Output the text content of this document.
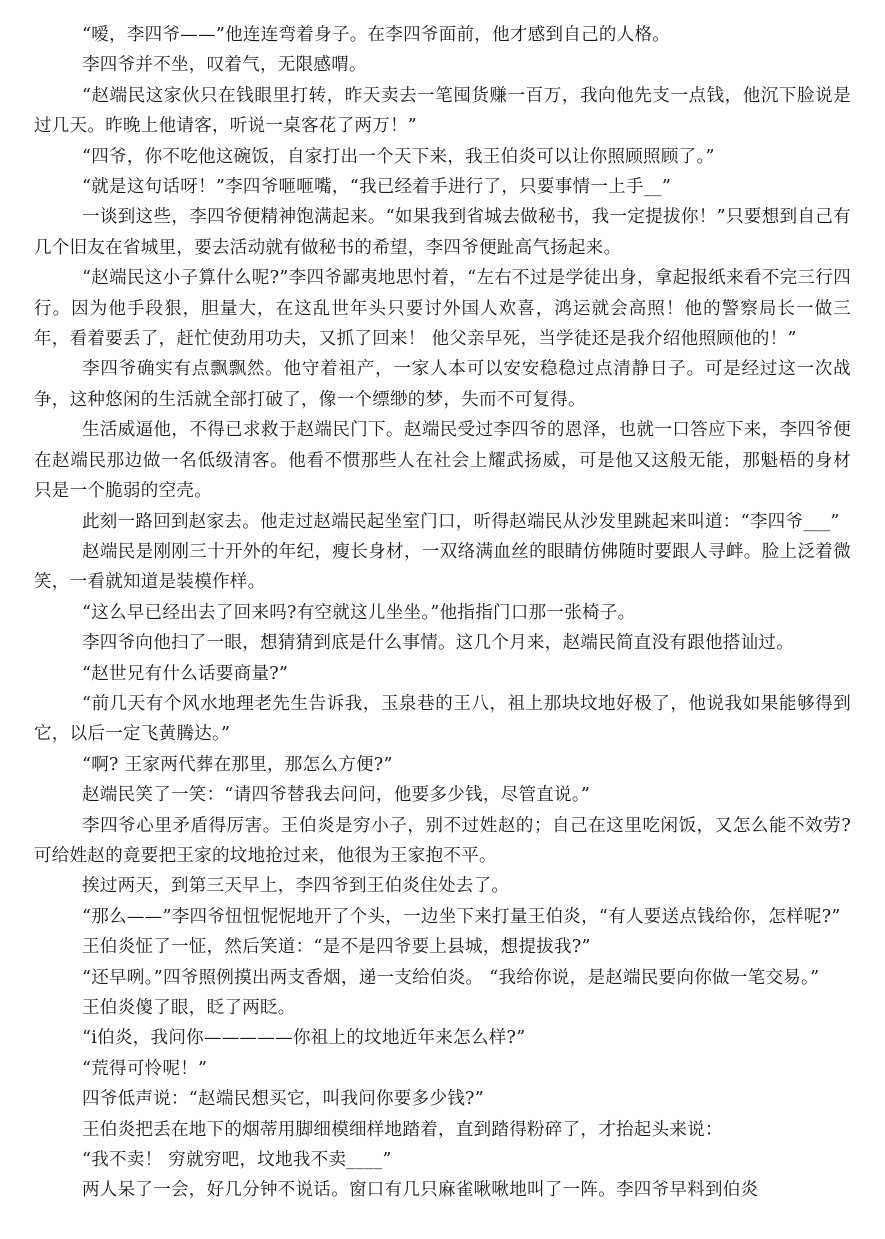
“嗳，李四爷——”他连连弯着身子。在李四爷面前，他才感到自己的人格。

李四爷并不坐，叹着气，无限感喟。

“赵端民这家伙只在钱眼里打转，昨天卖去一笔囤货赚一百万，我向他先支一点钱，他沉下脸说是过几天。昨晚上他请客，听说一桌客花了两万！”

“四爷，你不吃他这碗饭，自家打出一个天下来，我王伯炎可以让你照顾照顾了。”

“就是这句话呀！”李四爷咂咂嘴，“我已经着手进行了，只要事情一上手__”

一谈到这些，李四爷便精神饱满起来。“如果我到省城去做秘书，我一定提拔你！”只要想到自己有几个旧友在省城里，要去活动就有做秘书的希望，李四爷便趾高气扬起来。

“赵端民这小子算什么呢?”李四爷鄙夷地思忖着，“左右不过是学徒出身，拿起报纸来看不完三行四行。因为他手段狠，胆量大，在这乱世年头只要讨外国人欢喜，鸿运就会高照！他的警察局长一做三年，看着要丢了，赶忙使劲用功夫，又抓了回来！ 他父亲早死，当学徒还是我介绍他照顾他的！”

李四爷确实有点飘飘然。他守着祖产，一家人本可以安安稳稳过点清静日子。可是经过这一次战争，这种悠闲的生活就全部打破了，像一个缥缈的梦，失而不可复得。

生活威逼他，不得已求救于赵端民门下。赵端民受过李四爷的恩泽，也就一口答应下来，李四爷便在赵端民那边做一名低级清客。他看不惯那些人在社会上耀武扬威，可是他又这般无能，那魁梧的身材只是一个脆弱的空壳。

此刻一路回到赵家去。他走过赵端民起坐室门口，听得赵端民从沙发里跳起来叫道：“李四爷___”

赵端民是刚刚三十开外的年纪，瘦长身材，一双络满血丝的眼睛仿佛随时要跟人寻衅。脸上泛着微笑，一看就知道是装模作样。

“这么早已经出去了回来吗?有空就这儿坐坐。”他指指门口那一张椅子。

李四爷向他扫了一眼，想猜猜到底是什么事情。这几个月来，赵端民简直没有跟他搭讪过。

“赵世兄有什么话要商量?”

“前几天有个风水地理老先生告诉我，玉泉巷的王八，祖上那块坟地好极了，他说我如果能够得到它，以后一定飞黄腾达。”

“啊? 王家两代葬在那里，那怎么方便?”

赵端民笑了一笑：“请四爷替我去问问，他要多少钱，尽管直说。”

李四爷心里矛盾得厉害。王伯炎是穷小子，别不过姓赵的；自己在这里吃闲饭，又怎么能不效劳?可给姓赵的竟要把王家的坟地抢过来，他很为王家抱不平。

挨过两天，到第三天早上，李四爷到王伯炎住处去了。

“那么——”李四爷忸忸怩怩地开了个头，一边坐下来打量王伯炎，“有人要送点钱给你，怎样呢?”

王伯炎怔了一怔，然后笑道：“是不是四爷要上县城，想提拔我?”

“还早咧。”四爷照例摸出两支香烟，递一支给伯炎。 “我给你说，是赵端民要向你做一笔交易。”

王伯炎傻了眼，眨了两眨。

“i伯炎，我问你—————你祖上的坟地近年来怎么样?”

“荒得可怜呢！”

四爷低声说：“赵端民想买它，叫我问你要多少钱?”

王伯炎把丢在地下的烟蒂用脚细模细样地踏着，直到踏得粉碎了，才抬起头来说：

“我不卖！ 穷就穷吧，坟地我不卖____”

两人呆了一会，好几分钟不说话。窗口有几只麻雀啾啾地叫了一阵。李四爷早料到伯炎
